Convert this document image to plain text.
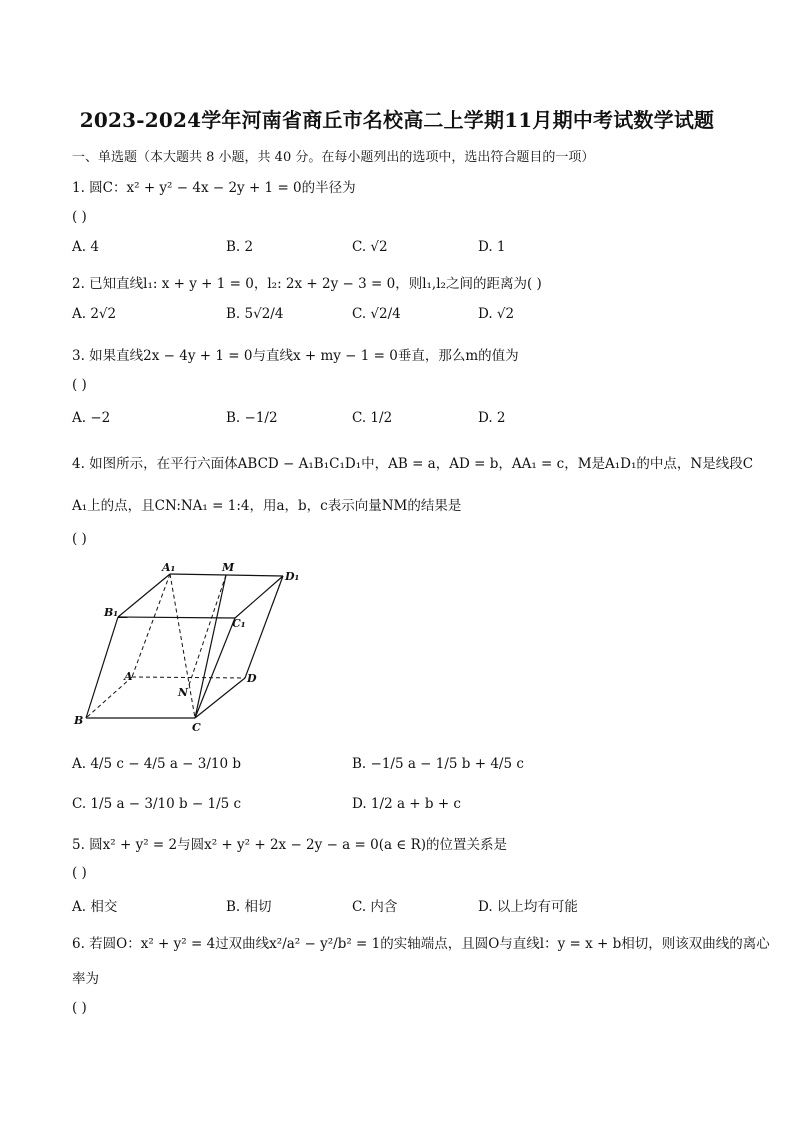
2023-2024学年河南省商丘市名校高二上学期11月期中考试数学试题
一、单选题（本大题共 8 小题，共 40 分。在每小题列出的选项中，选出符合题目的一项）
1. 圆C：x² + y² − 4x − 2y + 1 = 0的半径为
( )
A. 4	B. 2	C. √2	D. 1
2. 已知直线l₁: x + y + 1 = 0，l₂: 2x + 2y − 3 = 0，则l₁,l₂之间的距离为( )
A. 2√2	B. 5√2/4	C. √2/4	D. √2
3. 如果直线2x − 4y + 1 = 0与直线x + my − 1 = 0垂直，那么m的值为
( )
A. −2	B. −1/2	C. 1/2	D. 2
4. 如图所示，在平行六面体ABCD − A₁B₁C₁D₁中，AB = a，AD = b，AA₁ = c，M是A₁D₁的中点，N是线段C
A₁上的点，且CN:NA₁ = 1:4，用a，b，c表示向量NM的结果是
( )
A₁	M
D₁
B₁
C₁
A	D
N
B
C
A. 4/5 c − 4/5 a − 3/10 b	B. −1/5 a − 1/5 b + 4/5 c
C. 1/5 a − 3/10 b − 1/5 c	D. 1/2 a + b + c
5. 圆x² + y² = 2与圆x² + y² + 2x − 2y − a = 0(a ∈ R)的位置关系是
( )
A. 相交	B. 相切	C. 内含	D. 以上均有可能
6. 若圆O：x² + y² = 4过双曲线x²/a² − y²/b² = 1的实轴端点，且圆O与直线l：y = x + b相切，则该双曲线的离心
率为
( )
